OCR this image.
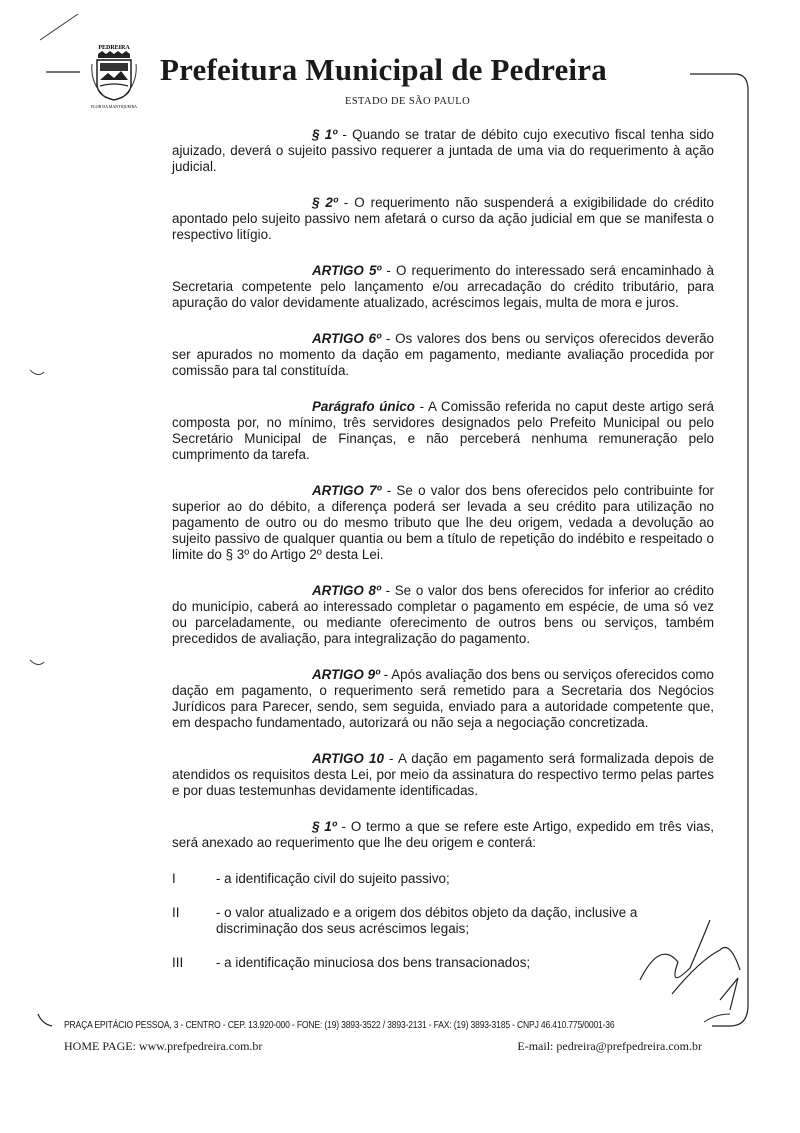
PEDREIRA
FLOR DA MANTIQUEIRA
Prefeitura Municipal de Pedreira
ESTADO DE SÃO PAULO

§ 1º - Quando se tratar de débito cujo executivo fiscal tenha sido ajuizado, deverá o sujeito passivo requerer a juntada de uma via do requerimento à ação judicial.

§ 2º - O requerimento não suspenderá a exigibilidade do crédito apontado pelo sujeito passivo nem afetará o curso da ação judicial em que se manifesta o respectivo litígio.

ARTIGO 5º - O requerimento do interessado será encaminhado à Secretaria competente pelo lançamento e/ou arrecadação do crédito tributário, para apuração do valor devidamente atualizado, acréscimos legais, multa de mora e juros.

ARTIGO 6º - Os valores dos bens ou serviços oferecidos deverão ser apurados no momento da dação em pagamento, mediante avaliação procedida por comissão para tal constituída.

Parágrafo único - A Comissão referida no caput deste artigo será composta por, no mínimo, três servidores designados pelo Prefeito Municipal ou pelo Secretário Municipal de Finanças, e não perceberá nenhuma remuneração pelo cumprimento da tarefa.

ARTIGO 7º - Se o valor dos bens oferecidos pelo contribuinte for superior ao do débito, a diferença poderá ser levada a seu crédito para utilização no pagamento de outro ou do mesmo tributo que lhe deu origem, vedada a devolução ao sujeito passivo de qualquer quantia ou bem a título de repetição do indébito e respeitado o limite do § 3º do Artigo 2º desta Lei.

ARTIGO 8º - Se o valor dos bens oferecidos for inferior ao crédito do município, caberá ao interessado completar o pagamento em espécie, de uma só vez ou parceladamente, ou mediante oferecimento de outros bens ou serviços, também precedidos de avaliação, para integralização do pagamento.

ARTIGO 9º - Após avaliação dos bens ou serviços oferecidos como dação em pagamento, o requerimento será remetido para a Secretaria dos Negócios Jurídicos para Parecer, sendo, sem seguida, enviado para a autoridade competente que, em despacho fundamentado, autorizará ou não seja a negociação concretizada.

ARTIGO 10 - A dação em pagamento será formalizada depois de atendidos os requisitos desta Lei, por meio da assinatura do respectivo termo pelas partes e por duas testemunhas devidamente identificadas.

§ 1º - O termo a que se refere este Artigo, expedido em três vias, será anexado ao requerimento que lhe deu origem e conterá:

I	- a identificação civil do sujeito passivo;
II	- o valor atualizado e a origem dos débitos objeto da dação, inclusive a discriminação dos seus acréscimos legais;
III	- a identificação minuciosa dos bens transacionados;
PRAÇA EPITÁCIO PESSOA, 3 - CENTRO - CEP. 13.920-000 - FONE: (19) 3893-3522 / 3893-2131 - FAX: (19) 3893-3185 - CNPJ 46.410.775/0001-36
HOME PAGE: www.prefpedreira.com.br	E-mail: pedreira@prefpedreira.com.br
